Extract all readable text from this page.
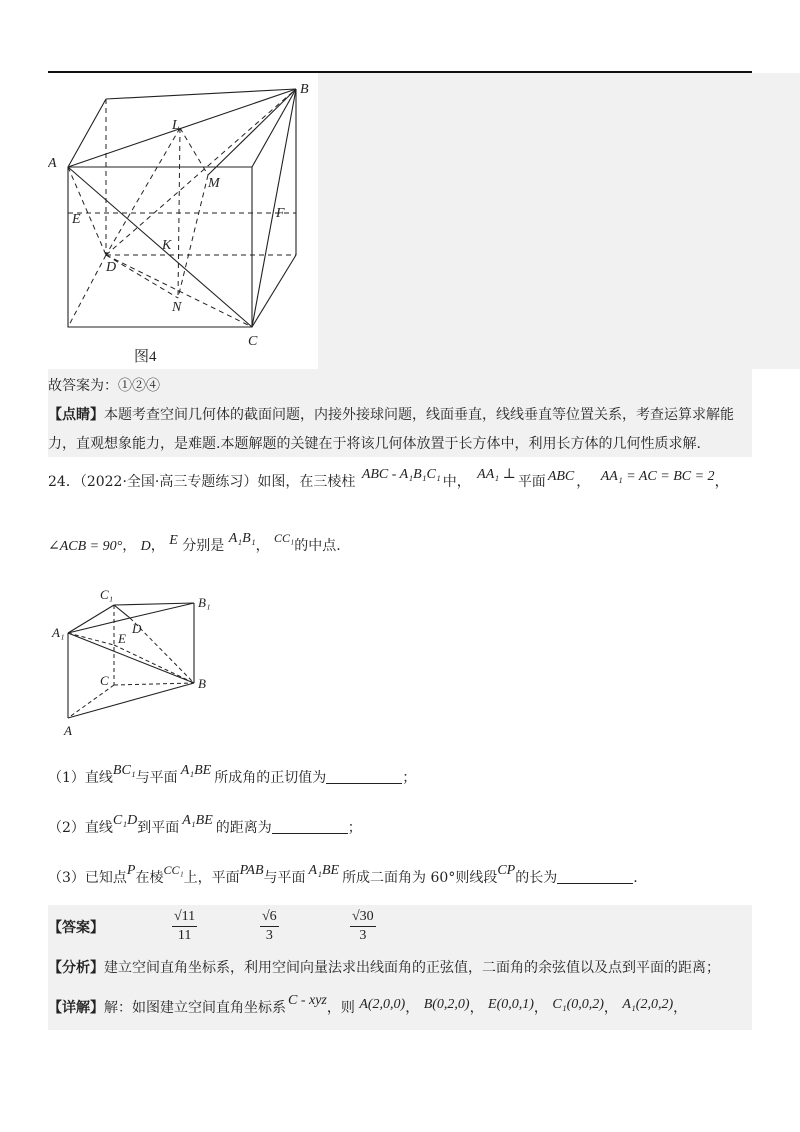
A
B
C
D
E	F
K
L
M
N
图4
故答案为：①②④
【点睛】本题考查空间几何体的截面问题，内接外接球问题，线面垂直，线线垂直等位置关系，考查运算求解能
力，直观想象能力，是难题.本题解题的关键在于将该几何体放置于长方体中，利用长方体的几何性质求解.
24．（2022·全国·高三专题练习）如图，在三棱柱 ABC - A₁B₁C₁ 中， AA₁ ⊥ 平面 ABC ， AA₁ = AC = BC = 2，
∠ACB = 90°， D， E 分别是 A₁B₁， CC₁的中点.
C₁
B₁
A₁	E
D
C	B
A
（1）直线BC₁与平面 A₁BE 所成角的正切值为	；
（2）直线C₁D到平面 A₁BE 的距离为	；
（3）已知点P在棱CC₁上，平面PAB与平面 A₁BE 所成二面角为 60°则线段CP的长为	.
【答案】	$\frac{√11}{11}$	$\frac{√6}{3}$	$\frac{√30}{3}$
【分析】建立空间直角坐标系，利用空间向量法求出线面角的正弦值，二面角的余弦值以及点到平面的距离；
【详解】解：如图建立空间直角坐标系 C - xyz，则 A(2,0,0)， B(0,2,0)， E(0,0,1)， C₁(0,0,2)， A₁(2,0,2)，
